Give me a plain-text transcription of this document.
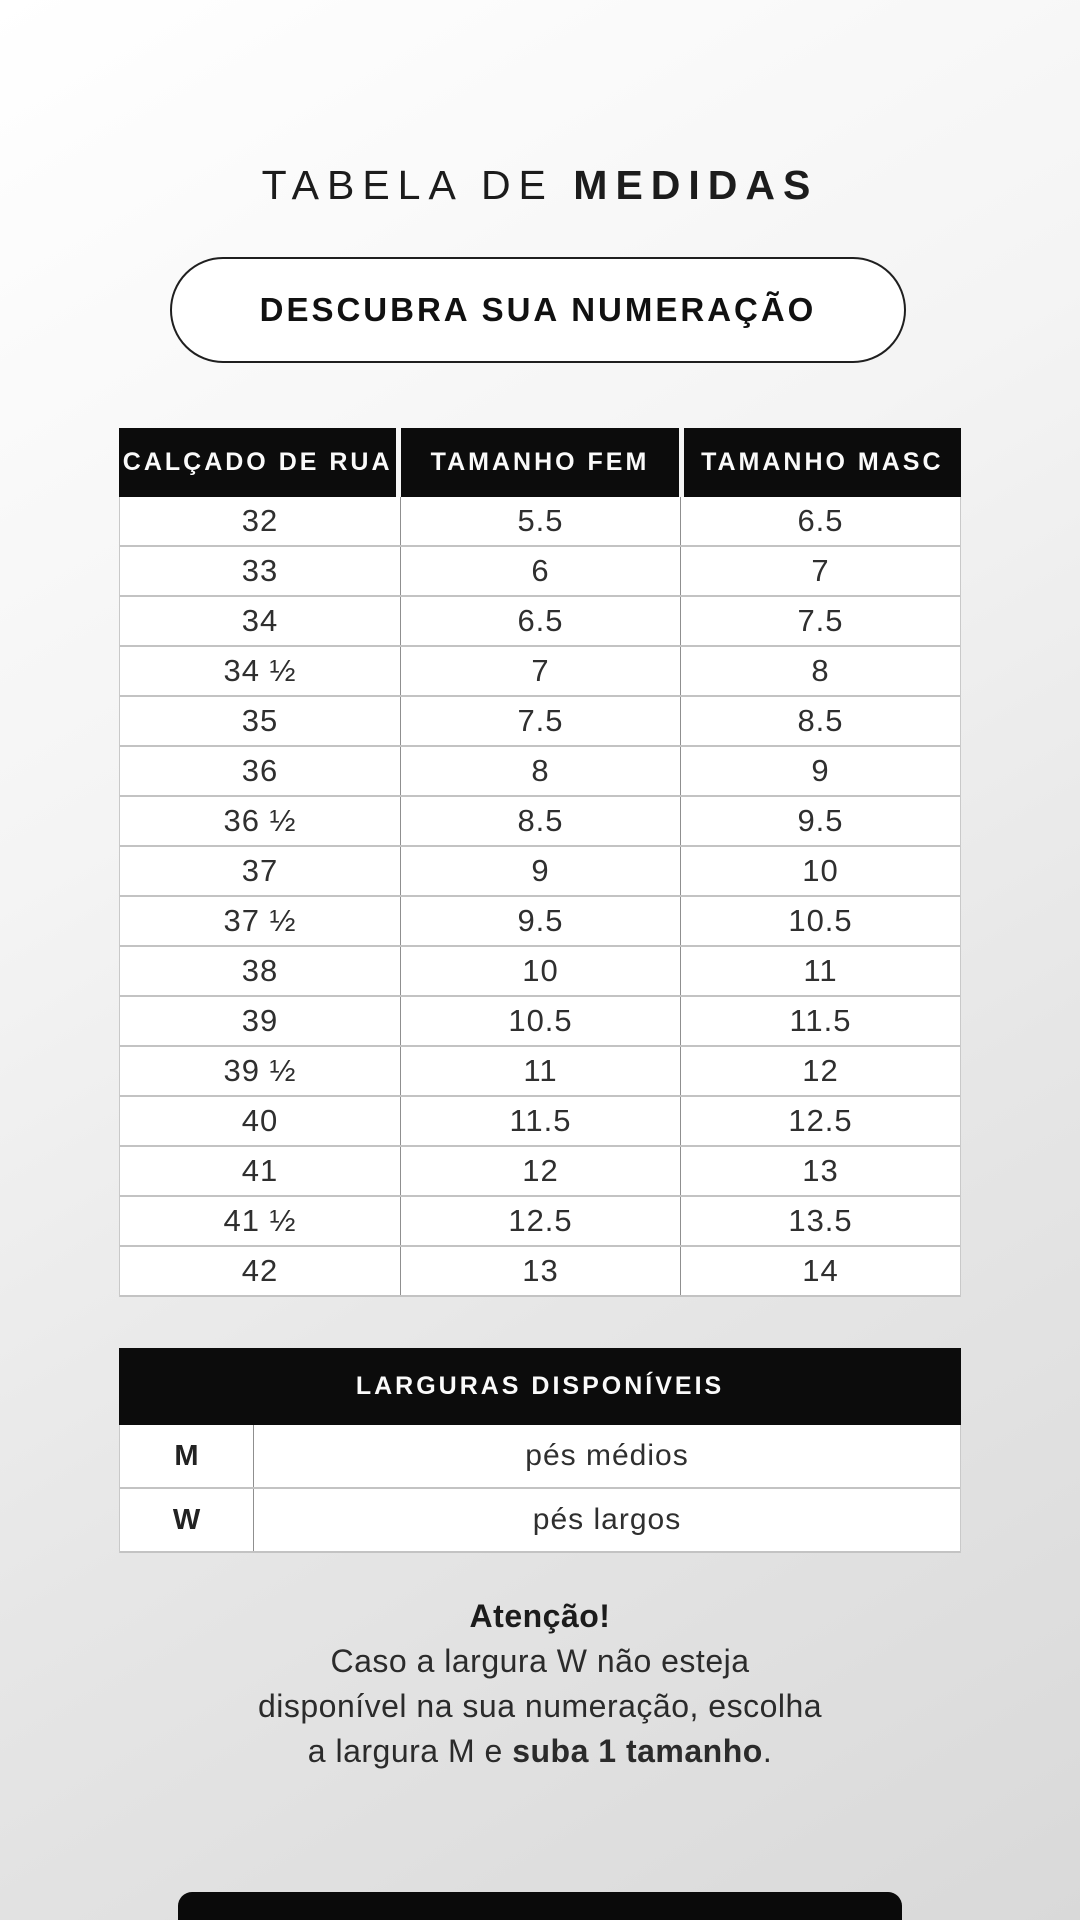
TABELA DE MEDIDAS
DESCUBRA SUA NUMERAÇÃO
CALÇADO DE RUA	TAMANHO FEM	TAMANHO MASC
32	5.5	6.5
33	6	7
34	6.5	7.5
34 ½	7	8
35	7.5	8.5
36	8	9
36 ½	8.5	9.5
37	9	10
37 ½	9.5	10.5
38	10	11
39	10.5	11.5
39 ½	11	12
40	11.5	12.5
41	12	13
41 ½	12.5	13.5
42	13	14
LARGURAS DISPONÍVEIS
M	pés médios
W	pés largos
Atenção!
Caso a largura W não esteja
disponível na sua numeração, escolha
a largura M e suba 1 tamanho.
